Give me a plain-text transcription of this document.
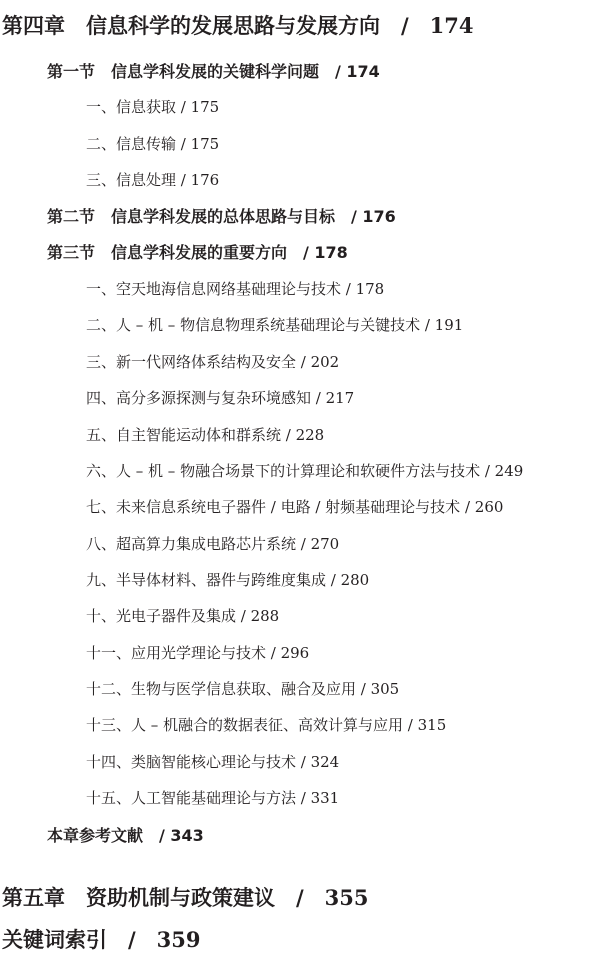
第四章　信息科学的发展思路与发展方向　/　174
第一节　信息学科发展的关键科学问题　/ 174
一、信息获取 / 175
二、信息传输 / 175
三、信息处理 / 176
第二节　信息学科发展的总体思路与目标　/ 176
第三节　信息学科发展的重要方向　/ 178
一、空天地海信息网络基础理论与技术 / 178
二、人 – 机 – 物信息物理系统基础理论与关键技术 / 191
三、新一代网络体系结构及安全 / 202
四、高分多源探测与复杂环境感知 / 217
五、自主智能运动体和群系统 / 228
六、人 – 机 – 物融合场景下的计算理论和软硬件方法与技术 / 249
七、未来信息系统电子器件 / 电路 / 射频基础理论与技术 / 260
八、超高算力集成电路芯片系统 / 270
九、半导体材料、器件与跨维度集成 / 280
十、光电子器件及集成 / 288
十一、应用光学理论与技术 / 296
十二、生物与医学信息获取、融合及应用 / 305
十三、人 – 机融合的数据表征、高效计算与应用 / 315
十四、类脑智能核心理论与技术 / 324
十五、人工智能基础理论与方法 / 331
本章参考文献　/ 343
第五章　资助机制与政策建议　/　355
关键词索引　/　359
